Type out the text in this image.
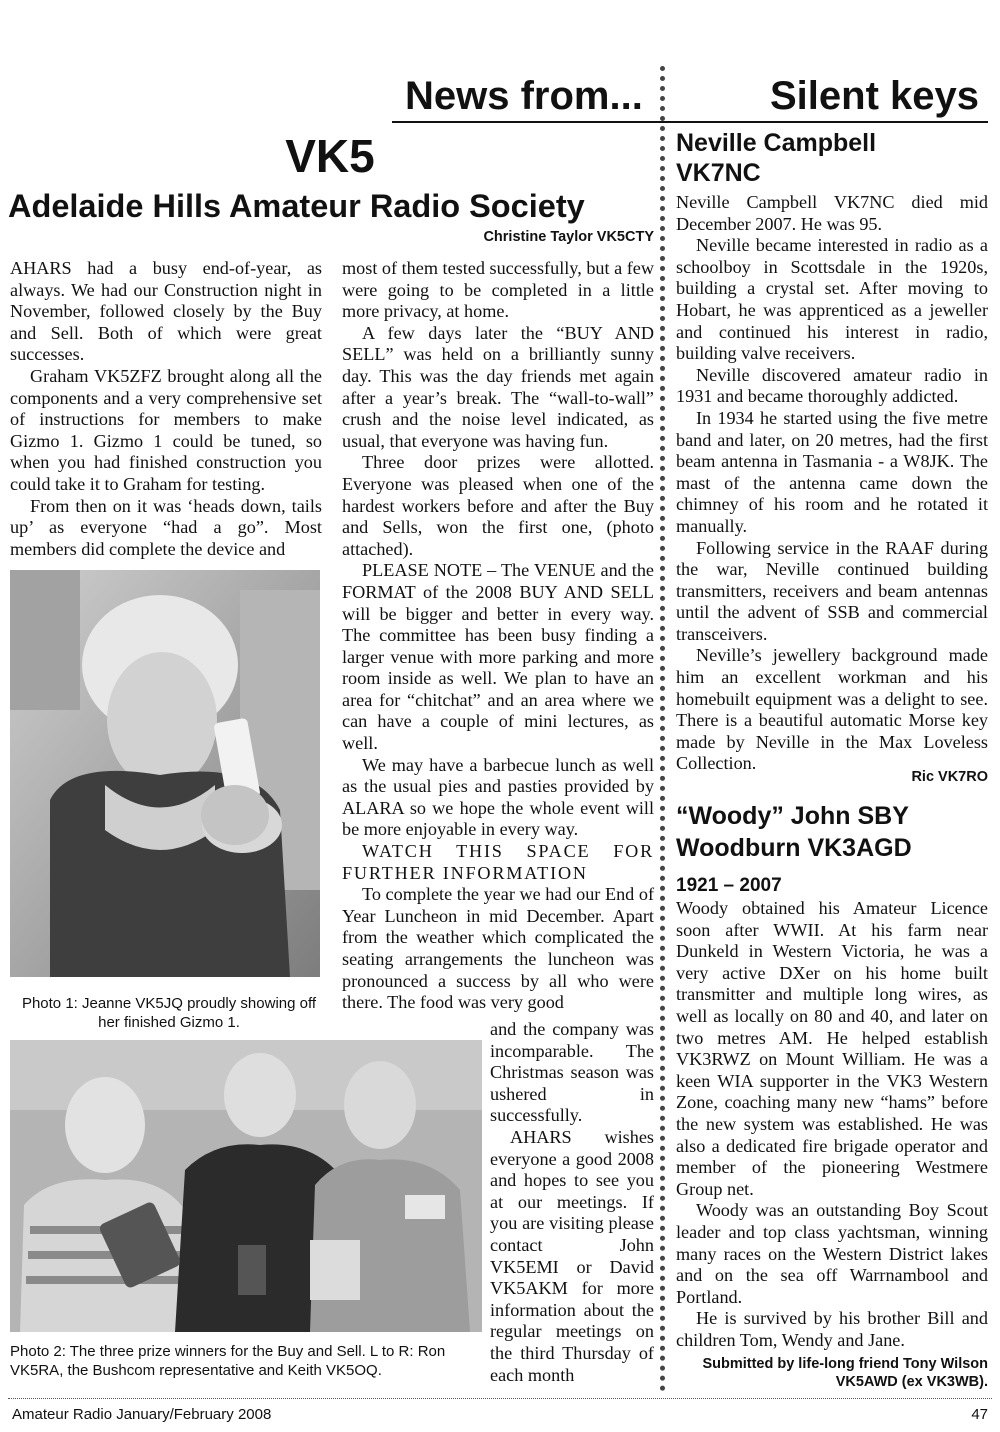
News from...	Silent keys
VK5
Adelaide Hills Amateur Radio Society
Christine Taylor VK5CTY

AHARS had a busy end-of-year, as always. We had our Construction night in November, followed closely by the Buy and Sell. Both of which were great successes.

Graham VK5ZFZ brought along all the components and a very comprehensive set of instructions for members to make Gizmo 1. Gizmo 1 could be tuned, so when you had finished construction you could take it to Graham for testing.

From then on it was ‘heads down, tails up’ as everyone “had a go”. Most members did complete the device and

Photo 1: Jeanne VK5JQ proudly showing off her finished Gizmo 1.
Photo 2: The three prize winners for the Buy and Sell. L to R: Ron VK5RA, the Bushcom representative and Keith VK5OQ.

most of them tested successfully, but a few were going to be completed in a little more privacy, at home.

A few days later the “BUY AND SELL” was held on a brilliantly sunny day. This was the day friends met again after a year’s break. The “wall-to-wall” crush and the noise level indicated, as usual, that everyone was having fun.

Three door prizes were allotted. Everyone was pleased when one of the hardest workers before and after the Buy and Sells, won the first one, (photo attached).

PLEASE NOTE – The VENUE and the FORMAT of the 2008 BUY AND SELL will be bigger and better in every way. The committee has been busy finding a larger venue with more parking and more room inside as well. We plan to have an area for “chitchat” and an area where we can have a couple of mini lectures, as well.

We may have a barbecue lunch as well as the usual pies and pasties provided by ALARA so we hope the whole event will be more enjoyable in every way.

WATCH THIS SPACE FOR FURTHER INFORMATION

To complete the year we had our End of Year Luncheon in mid December. Apart from the weather which complicated the seating arrangements the luncheon was pronounced a success by all who were there. The food was very good

and the company was incomparable. The Christmas season was ushered in successfully.

AHARS wishes everyone a good 2008 and hopes to see you at our meetings. If you are visiting please contact John VK5EMI or David VK5AKM for more information about the regular meetings on the third Thursday of each month

Neville Campbell
VK7NC

Neville Campbell VK7NC died mid December 2007. He was 95.

Neville became interested in radio as a schoolboy in Scottsdale in the 1920s, building a crystal set. After moving to Hobart, he was apprenticed as a jeweller and continued his interest in radio, building valve receivers.

Neville discovered amateur radio in 1931 and became thoroughly addicted.

In 1934 he started using the five metre band and later, on 20 metres, had the first beam antenna in Tasmania - a W8JK. The mast of the antenna came down the chimney of his room and he rotated it manually.

Following service in the RAAF during the war, Neville continued building transmitters, receivers and beam antennas until the advent of SSB and commercial transceivers.

Neville’s jewellery background made him an excellent workman and his homebuilt equipment was a delight to see. There is a beautiful automatic Morse key made by Neville in the Max Loveless Collection.

Ric VK7RO
“Woody” John SBY
Woodburn VK3AGD
1921 – 2007

Woody obtained his Amateur Licence soon after WWII. At his farm near Dunkeld in Western Victoria, he was a very active DXer on his home built transmitter and multiple long wires, as well as locally on 80 and 40, and later on two metres AM. He helped establish VK3RWZ on Mount William. He was a keen WIA supporter in the VK3 Western Zone, coaching many new “hams” before the new system was established. He was also a dedicated fire brigade operator and member of the pioneering Westmere Group net.

Woody was an outstanding Boy Scout leader and top class yachtsman, winning many races on the Western District lakes and on the sea off Warrnambool and Portland.

He is survived by his brother Bill and children Tom, Wendy and Jane.

Submitted by life-long friend Tony Wilson
VK5AWD (ex VK3WB).
Amateur Radio January/February 2008	47
